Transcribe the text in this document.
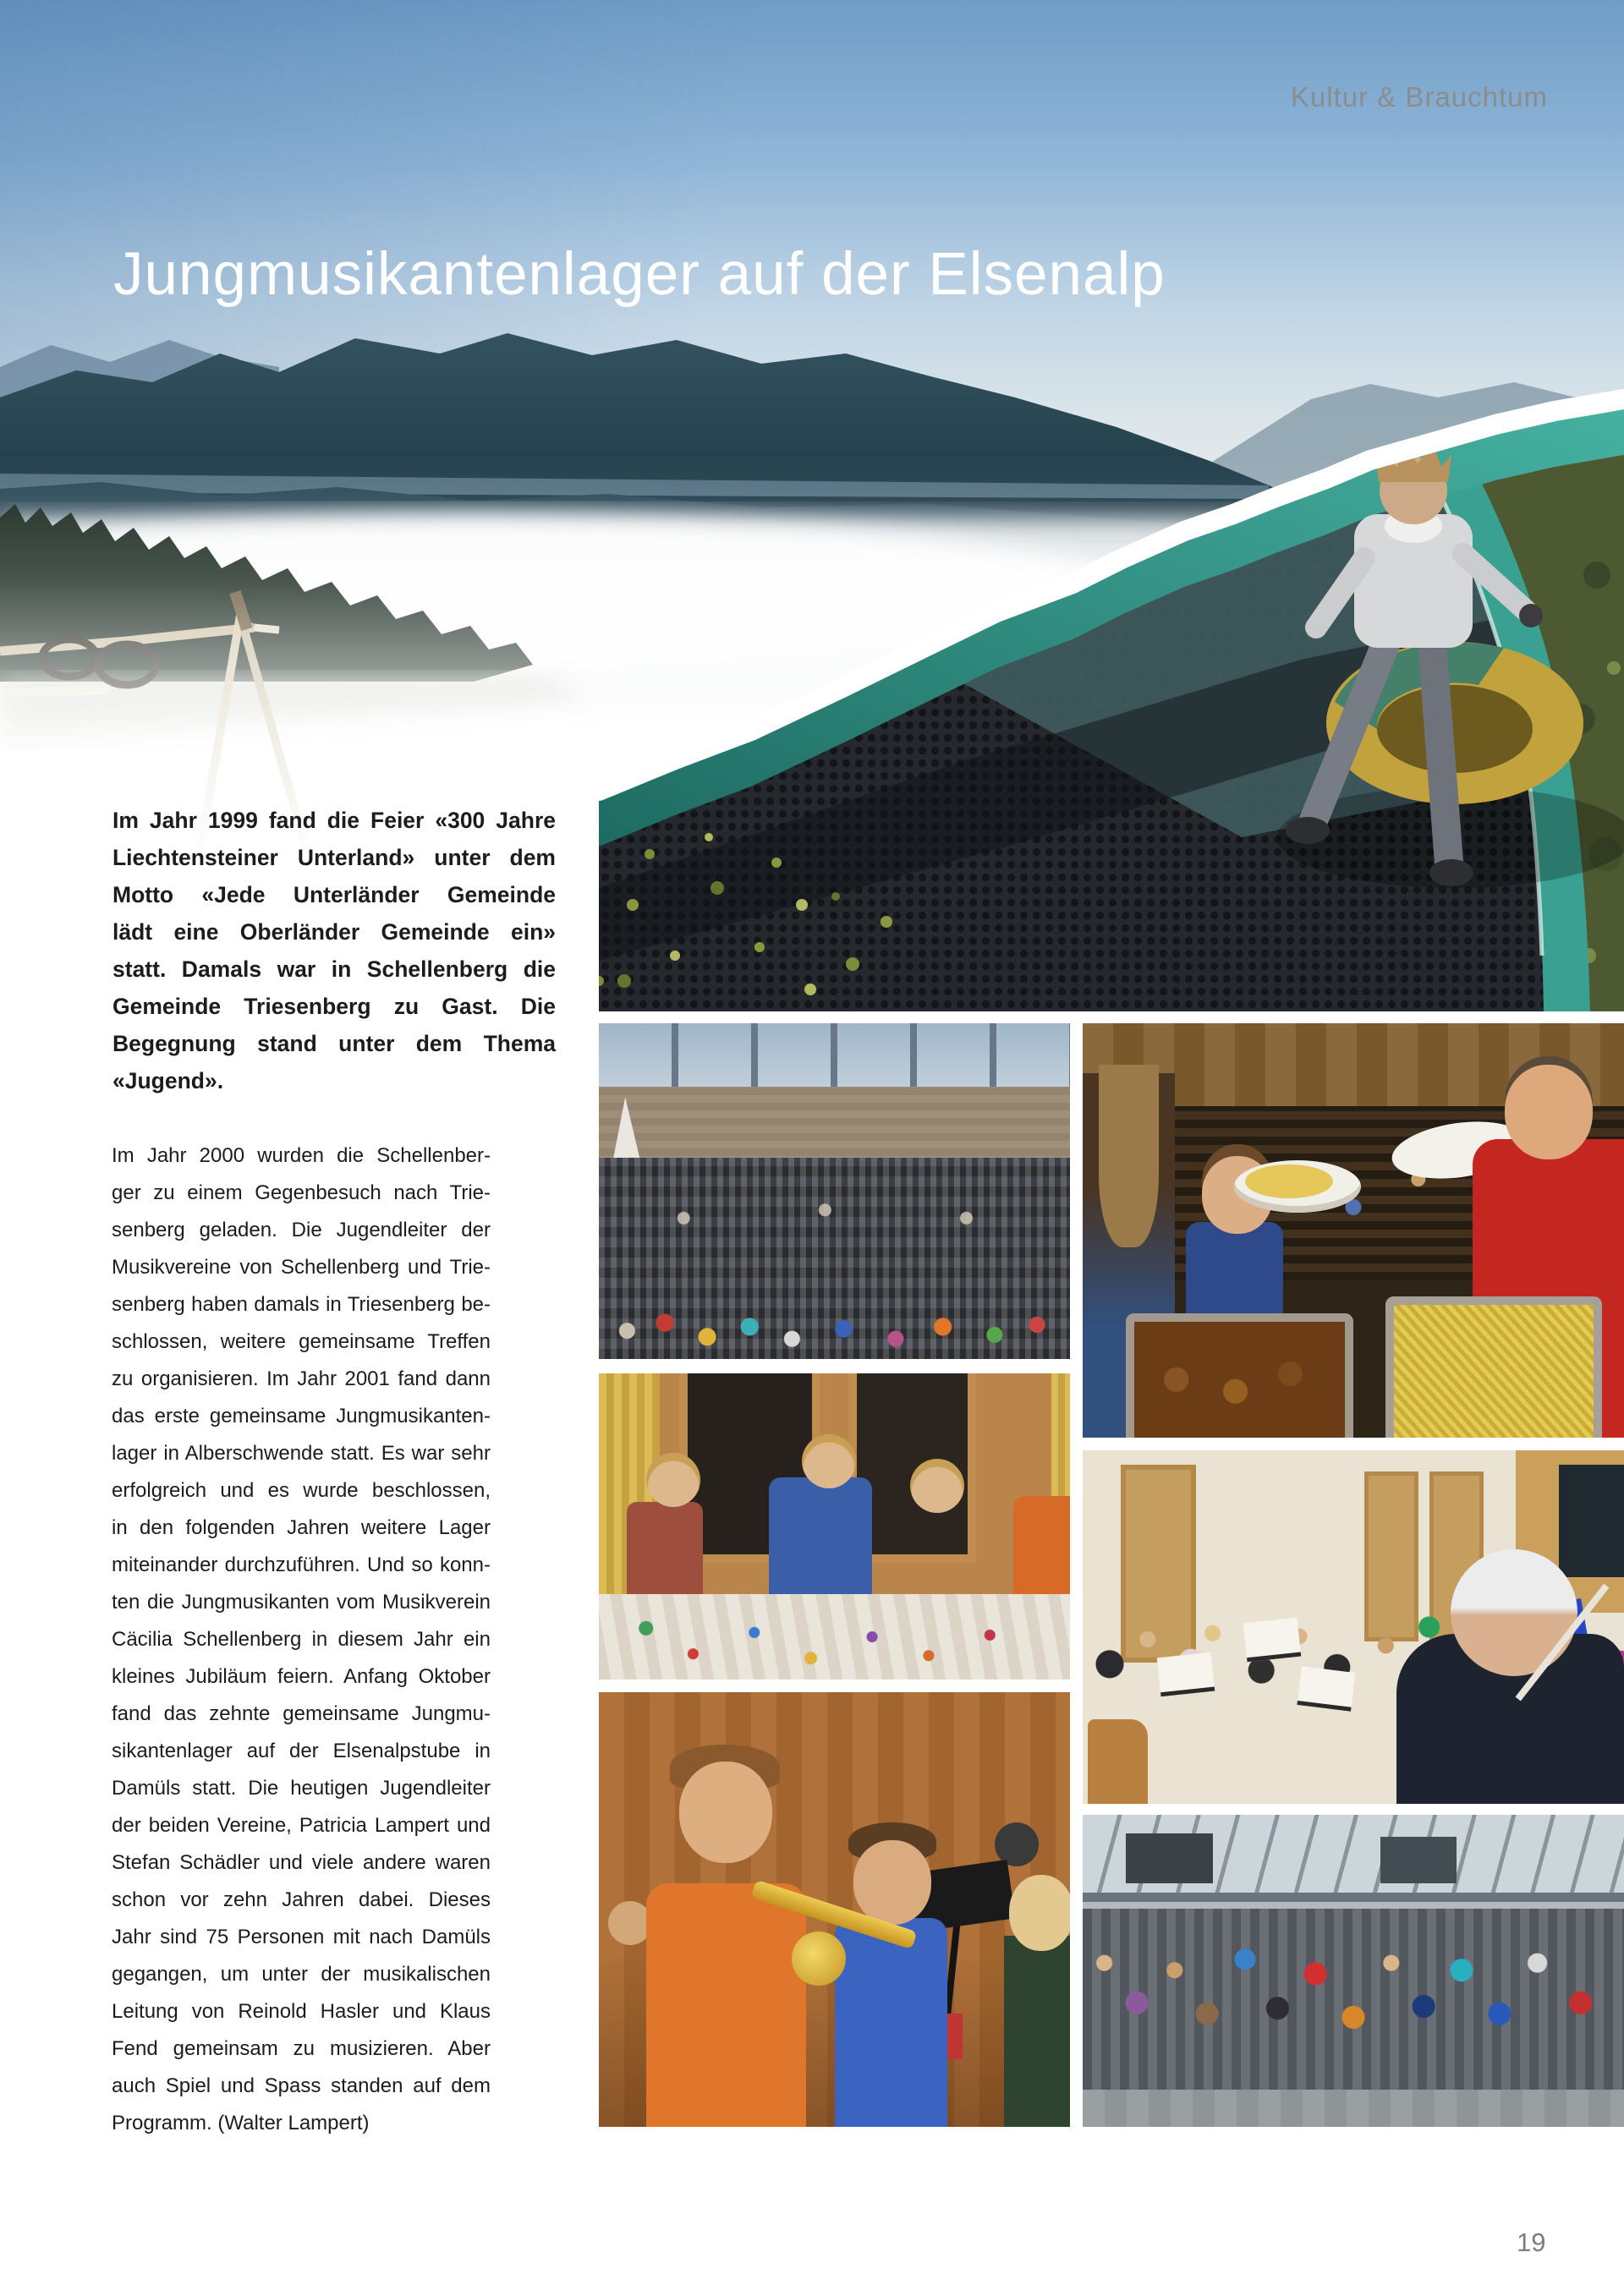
Kultur & Brauchtum
Jungmusikantenlager auf der Elsenalp
Im Jahr 1999 fand die Feier «300 Jahre
Liechtensteiner Unterland» unter dem
Motto «Jede Unterländer Gemeinde
lädt eine Oberländer Gemeinde ein»
statt. Damals war in Schellenberg die
Gemeinde Triesenberg zu Gast. Die
Begegnung stand unter dem Thema
«Jugend».
Im Jahr 2000 wurden die Schellenber-
ger zu einem Gegenbesuch nach Trie-
senberg geladen. Die Jugendleiter der
Musikvereine von Schellenberg und Trie-
senberg haben damals in Triesenberg be-
schlossen, weitere gemeinsame Treffen
zu organisieren. Im Jahr 2001 fand dann
das erste gemeinsame Jungmusikanten-
lager in Alberschwende statt. Es war sehr
erfolgreich und es wurde beschlossen,
in den folgenden Jahren weitere Lager
miteinander durchzuführen. Und so konn-
ten die Jungmusikanten vom Musikverein
Cäcilia Schellenberg in diesem Jahr ein
kleines Jubiläum feiern. Anfang Oktober
fand das zehnte gemeinsame Jungmu-
sikantenlager auf der Elsenalpstube in
Damüls statt. Die heutigen Jugendleiter
der beiden Vereine, Patricia Lampert und
Stefan Schädler und viele andere waren
schon vor zehn Jahren dabei. Dieses
Jahr sind 75 Personen mit nach Damüls
gegangen, um unter der musikalischen
Leitung von Reinold Hasler und Klaus
Fend gemeinsam zu musizieren. Aber
auch Spiel und Spass standen auf dem
Programm. (Walter Lampert)
19
